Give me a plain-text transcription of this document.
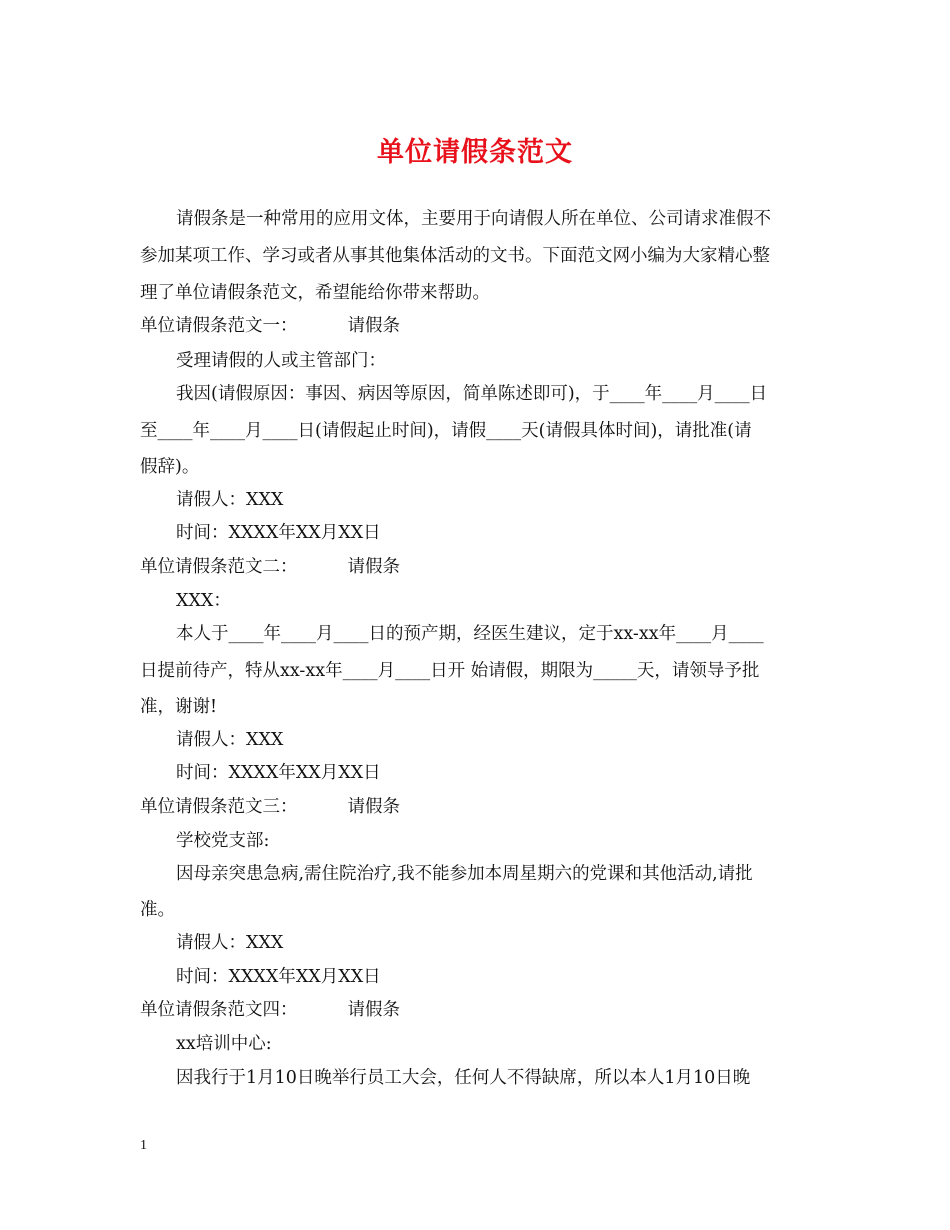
单位请假条范文
请假条是一种常用的应用文体，主要用于向请假人所在单位、公司请求准假不
参加某项工作、学习或者从事其他集体活动的文书。下面范文网小编为大家精心整
理了单位请假条范文，希望能给你带来帮助。
单位请假条范文一：	请假条
受理请假的人或主管部门：
我因(请假原因：事因、病因等原因，简单陈述即可)，于____年____月____日
至____年____月____日(请假起止时间)，请假____天(请假具体时间)，请批准(请
假辞)。
请假人：XXX
时间：XXXX年XX月XX日
单位请假条范文二：	请假条
XXX：
本人于____年____月____日的预产期，经医生建议，定于xx-xx年____月____
日提前待产，特从xx-xx年____月____日开 始请假，期限为_____天，请领导予批
准，谢谢!
请假人：XXX
时间：XXXX年XX月XX日
单位请假条范文三：	请假条
学校党支部:
因母亲突患急病,需住院治疗,我不能参加本周星期六的党课和其他活动,请批
准。
请假人：XXX
时间：XXXX年XX月XX日
单位请假条范文四：	请假条
xx培训中心:
因我行于1月10日晚举行员工大会，任何人不得缺席，所以本人1月10日晚
1
